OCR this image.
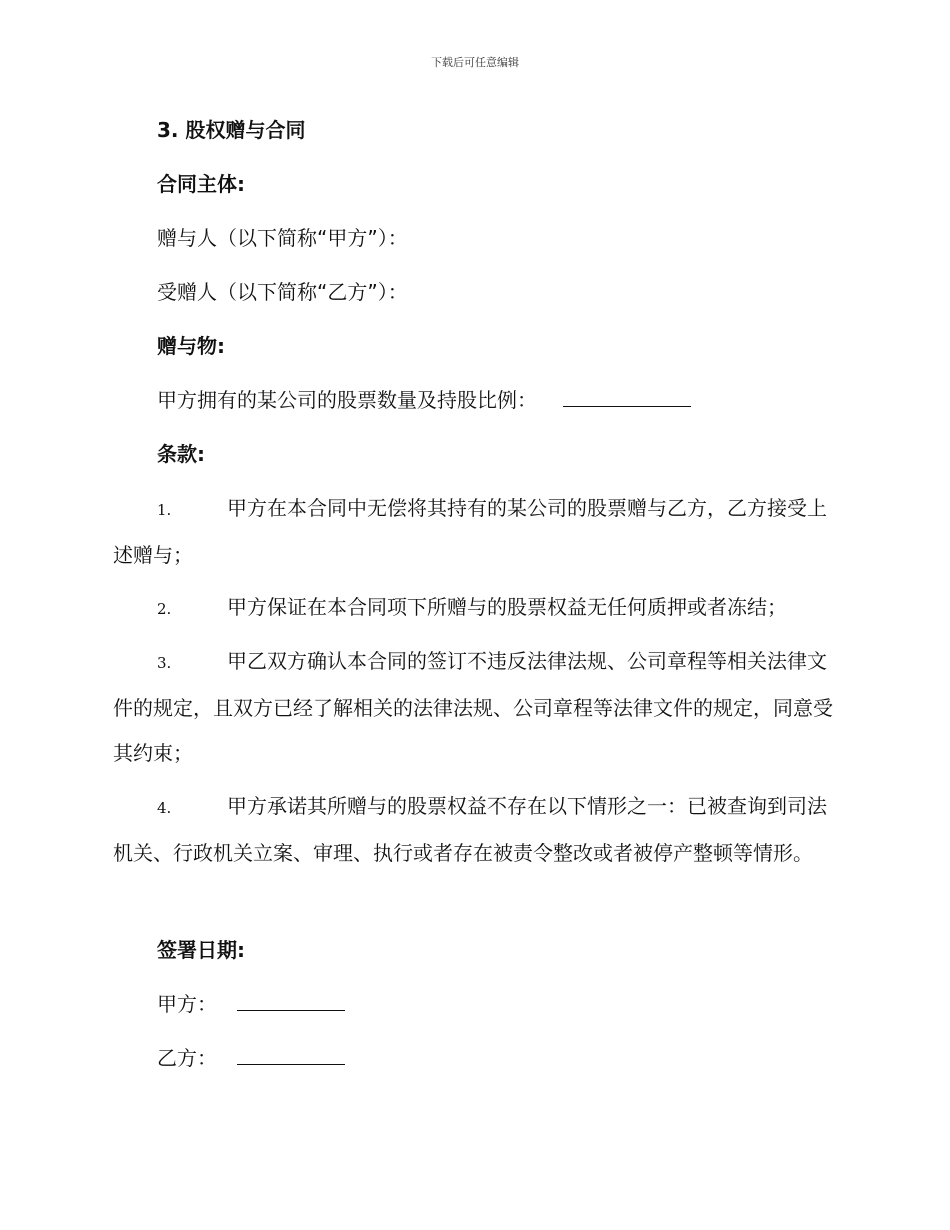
下载后可任意编辑
3. 股权赠与合同
合同主体:
赠与人（以下简称“甲方”）：
受赠人（以下简称“乙方”）：
赠与物:
甲方拥有的某公司的股票数量及持股比例：
条款:
1.	甲方在本合同中无偿将其持有的某公司的股票赠与乙方，乙方接受上述赠与；
2.	甲方保证在本合同项下所赠与的股票权益无任何质押或者冻结；
3.	甲乙双方确认本合同的签订不违反法律法规、公司章程等相关法律文件的规定，且双方已经了解相关的法律法规、公司章程等法律文件的规定，同意受其约束；
4.	甲方承诺其所赠与的股票权益不存在以下情形之一：已被查询到司法机关、行政机关立案、审理、执行或者存在被责令整改或者被停产整顿等情形。
签署日期:
甲方：
乙方：
